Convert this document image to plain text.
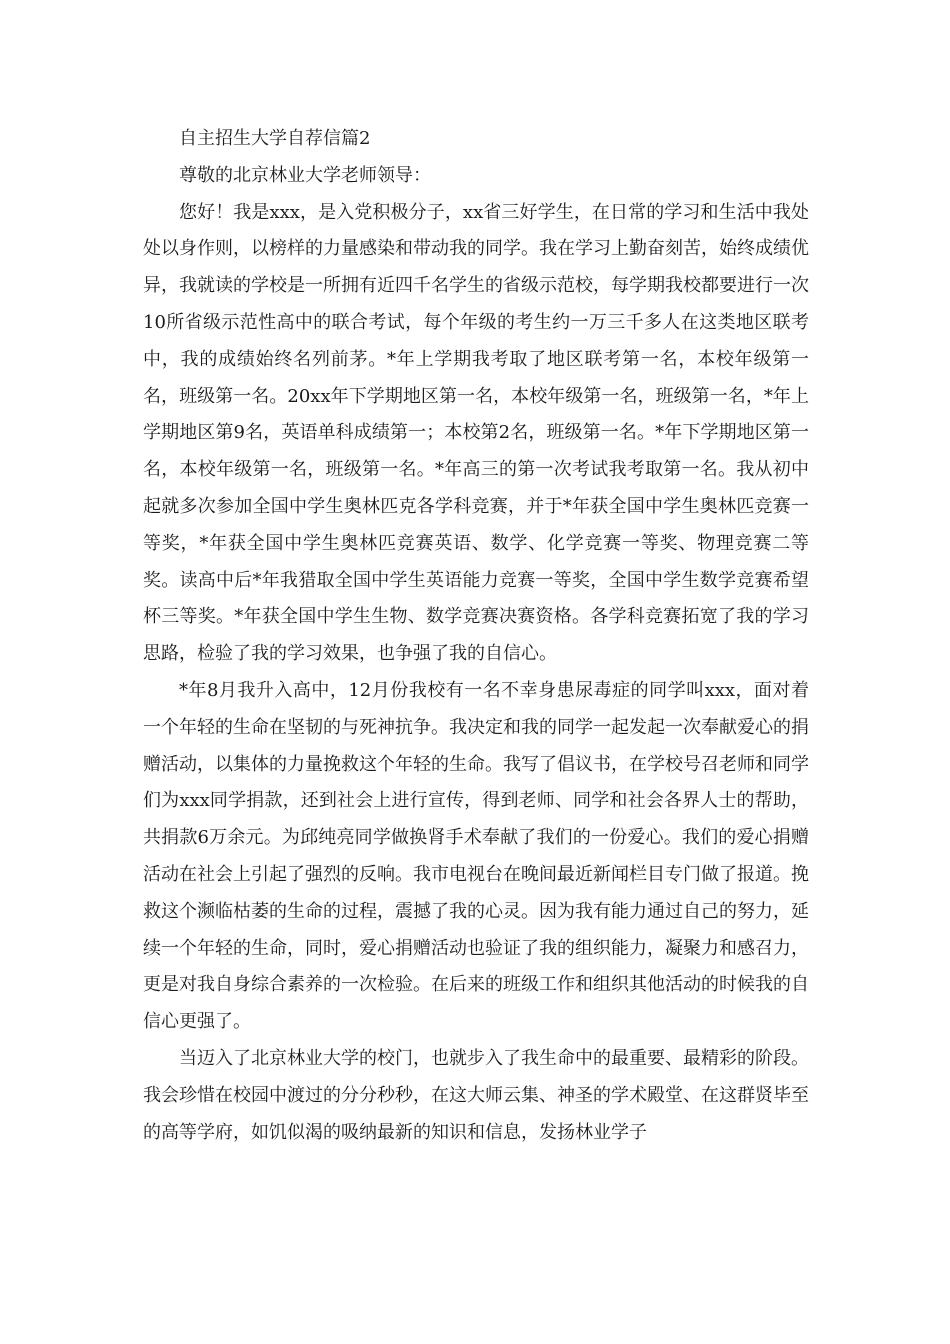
自主招生大学自荐信篇2

尊敬的北京林业大学老师领导：

您好！我是xxx，是入党积极分子，xx省三好学生，在日常的学习和生活中我处处以身作则，以榜样的力量感染和带动我的同学。我在学习上勤奋刻苦，始终成绩优异，我就读的学校是一所拥有近四千名学生的省级示范校，每学期我校都要进行一次10所省级示范性高中的联合考试，每个年级的考生约一万三千多人在这类地区联考中，我的成绩始终名列前茅。*年上学期我考取了地区联考第一名，本校年级第一名，班级第一名。20xx年下学期地区第一名，本校年级第一名，班级第一名，*年上学期地区第9名，英语单科成绩第一；本校第2名，班级第一名。*年下学期地区第一名，本校年级第一名，班级第一名。*年高三的第一次考试我考取第一名。我从初中起就多次参加全国中学生奥林匹克各学科竞赛，并于*年获全国中学生奥林匹竞赛一等奖，*年获全国中学生奥林匹竞赛英语、数学、化学竞赛一等奖、物理竞赛二等奖。读高中后*年我猎取全国中学生英语能力竞赛一等奖，全国中学生数学竞赛希望杯三等奖。*年获全国中学生生物、数学竞赛决赛资格。各学科竞赛拓宽了我的学习思路，检验了我的学习效果，也争强了我的自信心。

*年8月我升入高中，12月份我校有一名不幸身患尿毒症的同学叫xxx，面对着一个年轻的生命在坚韧的与死神抗争。我决定和我的同学一起发起一次奉献爱心的捐赠活动，以集体的力量挽救这个年轻的生命。我写了倡议书，在学校号召老师和同学们为xxx同学捐款，还到社会上进行宣传，得到老师、同学和社会各界人士的帮助，共捐款6万余元。为邱纯亮同学做换肾手术奉献了我们的一份爱心。我们的爱心捐赠活动在社会上引起了强烈的反响。我市电视台在晚间最近新闻栏目专门做了报道。挽救这个濒临枯萎的生命的过程，震撼了我的心灵。因为我有能力通过自己的努力，延续一个年轻的生命，同时，爱心捐赠活动也验证了我的组织能力，凝聚力和感召力，更是对我自身综合素养的一次检验。在后来的班级工作和组织其他活动的时候我的自信心更强了。

当迈入了北京林业大学的校门，也就步入了我生命中的最重要、最精彩的阶段。我会珍惜在校园中渡过的分分秒秒，在这大师云集、神圣的学术殿堂、在这群贤毕至的高等学府，如饥似渴的吸纳最新的知识和信息，发扬林业学子
